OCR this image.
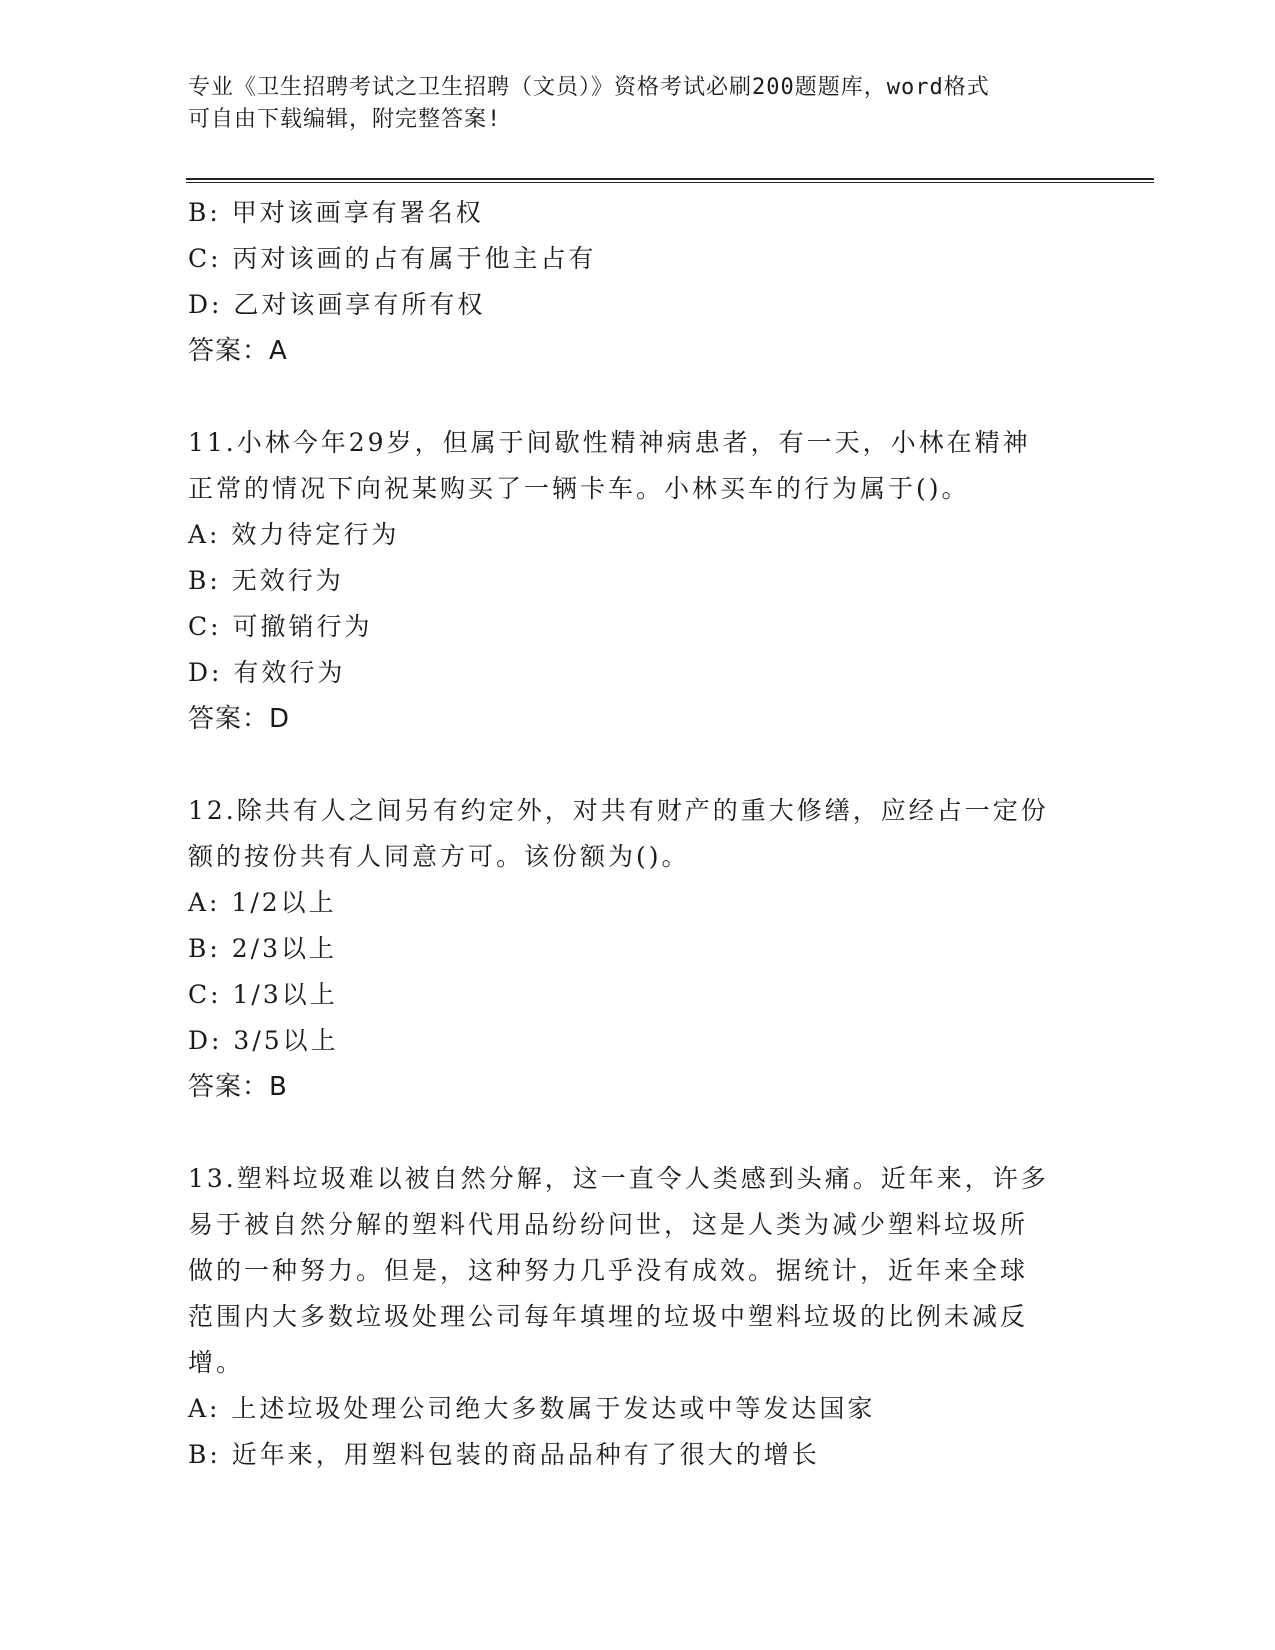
专业《卫生招聘考试之卫生招聘（文员）》资格考试必刷200题题库，word格式
可自由下载编辑，附完整答案!
B: 甲对该画享有署名权
C: 丙对该画的占有属于他主占有
D: 乙对该画享有所有权
答案：A
11.小林今年29岁，但属于间歇性精神病患者，有一天，小林在精神
正常的情况下向祝某购买了一辆卡车。小林买车的行为属于()。
A: 效力待定行为
B: 无效行为
C: 可撤销行为
D: 有效行为
答案：D
12.除共有人之间另有约定外，对共有财产的重大修缮，应经占一定份
额的按份共有人同意方可。该份额为()。
A: 1/2以上
B: 2/3以上
C: 1/3以上
D: 3/5以上
答案：B
13.塑料垃圾难以被自然分解，这一直令人类感到头痛。近年来，许多
易于被自然分解的塑料代用品纷纷问世，这是人类为减少塑料垃圾所
做的一种努力。但是，这种努力几乎没有成效。据统计，近年来全球
范围内大多数垃圾处理公司每年填埋的垃圾中塑料垃圾的比例未减反
增。
A: 上述垃圾处理公司绝大多数属于发达或中等发达国家
B: 近年来，用塑料包装的商品品种有了很大的增长
